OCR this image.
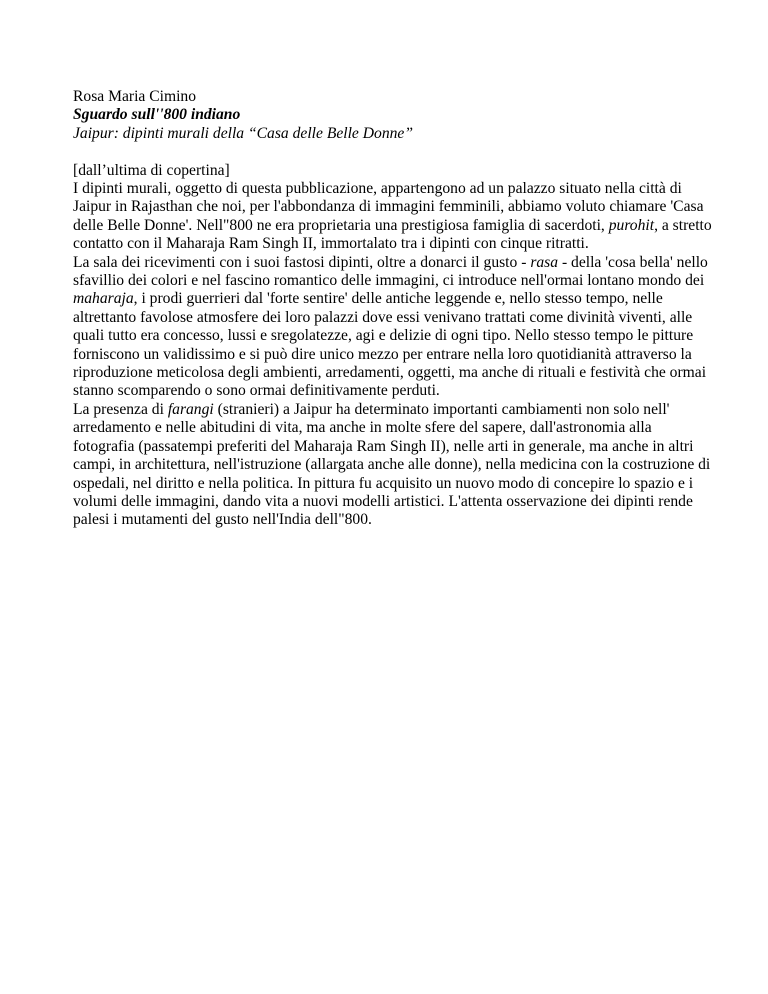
Rosa Maria Cimino
Sguardo sull''800 indiano
Jaipur: dipinti murali della “Casa delle Belle Donne”
[dall’ultima di copertina]

I dipinti murali, oggetto di questa pubblicazione, appartengono ad un palazzo situato nella città di Jaipur in Rajasthan che noi, per l'abbondanza di immagini femminili, abbiamo voluto chiamare 'Casa delle Belle Donne'. Nell"800 ne era proprietaria una prestigiosa famiglia di sacerdoti, purohit, a stretto contatto con il Maharaja Ram Singh II, immortalato tra i dipinti con cinque ritratti.

La sala dei ricevimenti con i suoi fastosi dipinti, oltre a donarci il gusto - rasa - della 'cosa bella' nello sfavillio dei colori e nel fascino romantico delle immagini, ci introduce nell'ormai lontano mondo dei maharaja, i prodi guerrieri dal 'forte sentire' delle antiche leggende e, nello stesso tempo, nelle altrettanto favolose atmosfere dei loro palazzi dove essi venivano trattati come divinità viventi, alle quali tutto era concesso, lussi e sregolatezze, agi e delizie di ogni tipo. Nello stesso tempo le pitture forniscono un validissimo e si può dire unico mezzo per entrare nella loro quotidianità attraverso la riproduzione meticolosa degli ambienti, arredamenti, oggetti, ma anche di rituali e festività che ormai stanno scomparendo o sono ormai definitivamente perduti.

La presenza di farangi (stranieri) a Jaipur ha determinato importanti cambiamenti non solo nell' arredamento e nelle abitudini di vita, ma anche in molte sfere del sapere, dall'astronomia alla fotografia (passatempi preferiti del Maharaja Ram Singh II), nelle arti in generale, ma anche in altri campi, in architettura, nell'istruzione (allargata anche alle donne), nella medicina con la costruzione di ospedali, nel diritto e nella politica. In pittura fu acquisito un nuovo modo di concepire lo spazio e i volumi delle immagini, dando vita a nuovi modelli artistici. L'attenta osservazione dei dipinti rende palesi i mutamenti del gusto nell'India dell"800.
